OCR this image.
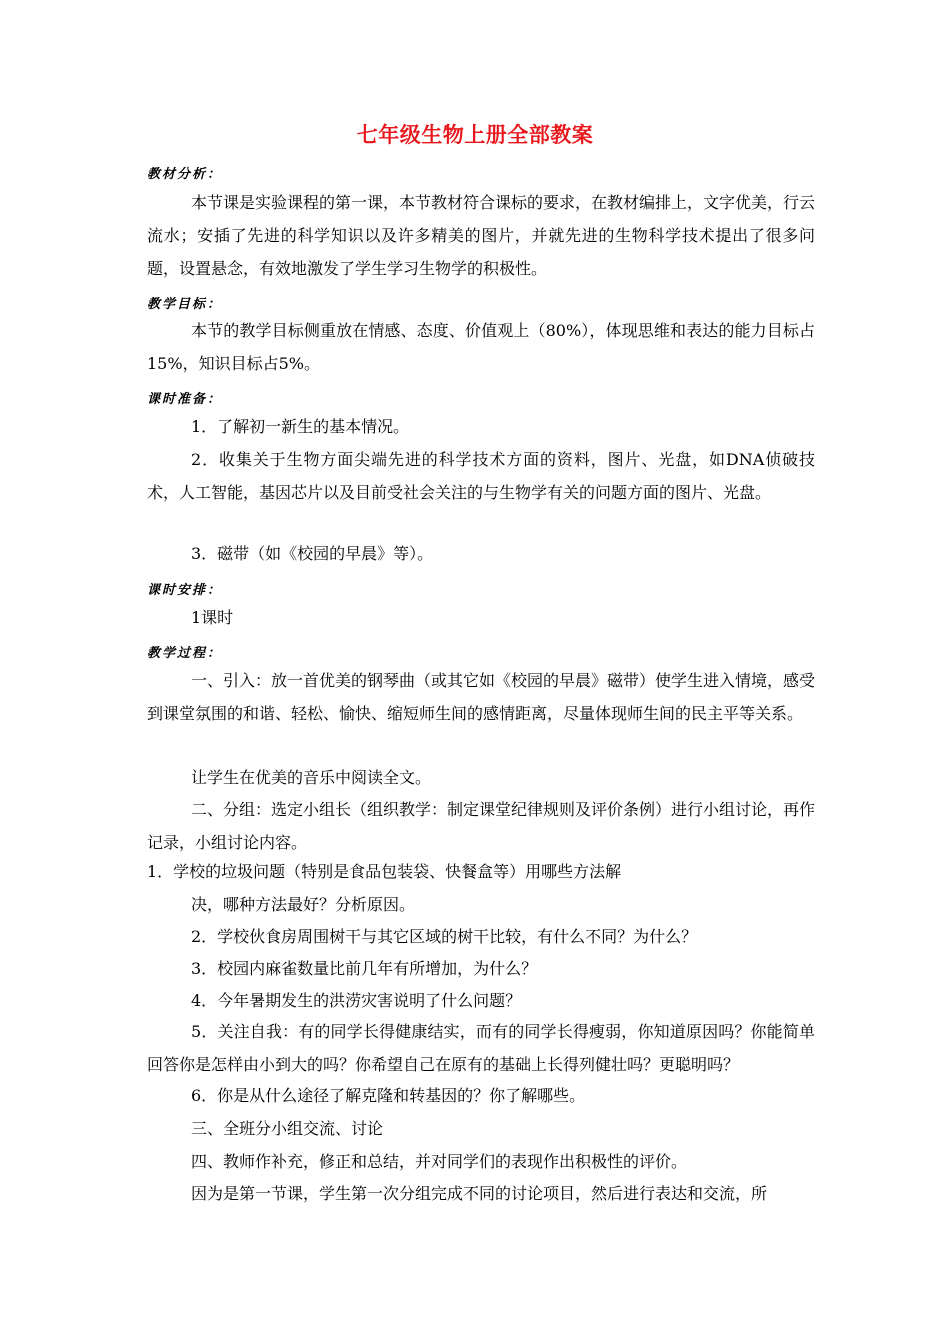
七年级生物上册全部教案
教材分析：
本节课是实验课程的第一课，本节教材符合课标的要求，在教材编排上，文字优美，行云流水；安插了先进的科学知识以及许多精美的图片，并就先进的生物科学技术提出了很多问题，设置悬念，有效地激发了学生学习生物学的积极性。
教学目标：
本节的教学目标侧重放在情感、态度、价值观上（80%），体现思维和表达的能力目标占15%，知识目标占5%。
课时准备：
1．了解初一新生的基本情况。
2．收集关于生物方面尖端先进的科学技术方面的资料，图片、光盘，如DNA侦破技术，人工智能，基因芯片以及目前受社会关注的与生物学有关的问题方面的图片、光盘。
3．磁带（如《校园的早晨》等）。
课时安排：
1课时
教学过程：
一、引入：放一首优美的钢琴曲（或其它如《校园的早晨》磁带）使学生进入情境，感受到课堂氛围的和谐、轻松、愉快、缩短师生间的感情距离，尽量体现师生间的民主平等关系。
让学生在优美的音乐中阅读全文。
二、分组：选定小组长（组织教学：制定课堂纪律规则及评价条例）进行小组讨论，再作记录，小组讨论内容。
1．学校的垃圾问题（特别是食品包装袋、快餐盒等）用哪些方法解
决，哪种方法最好？分析原因。
2．学校伙食房周围树干与其它区域的树干比较，有什么不同？为什么？
3．校园内麻雀数量比前几年有所增加，为什么？
4．今年暑期发生的洪涝灾害说明了什么问题？
5．关注自我：有的同学长得健康结实，而有的同学长得瘦弱，你知道原因吗？你能简单回答你是怎样由小到大的吗？你希望自己在原有的基础上长得列健壮吗？更聪明吗？
6．你是从什么途径了解克隆和转基因的？你了解哪些。
三、全班分小组交流、讨论
四、教师作补充，修正和总结，并对同学们的表现作出积极性的评价。
因为是第一节课，学生第一次分组完成不同的讨论项目，然后进行表达和交流，所
